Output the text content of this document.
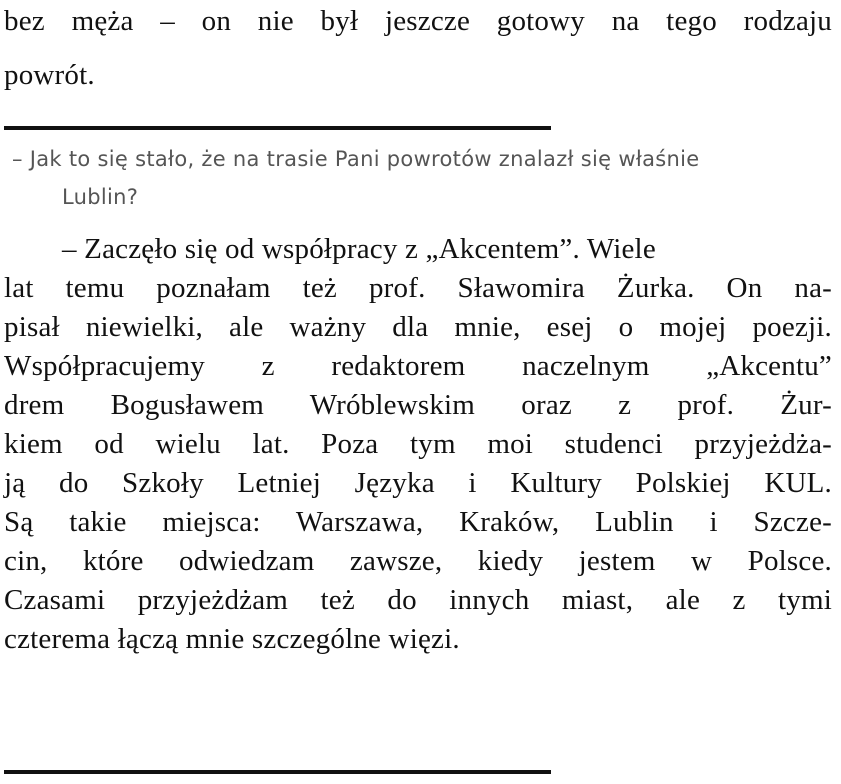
bez męża – on nie był jeszcze gotowy na tego rodzaju

powrót.

– Jak to się stało, że na trasie Pani powrotów znalazł się właśnie

Lublin?

– Zaczęło się od współpracy z „Akcentem”. Wiele

lat temu poznałam też prof. Sławomira Żurka. On na-

pisał niewielki, ale ważny dla mnie, esej o mojej poezji.

Współpracujemy z redaktorem naczelnym „Akcentu”

drem Bogusławem Wróblewskim oraz z prof. Żur-

kiem od wielu lat. Poza tym moi studenci przyjeżdża-

ją do Szkoły Letniej Języka i Kultury Polskiej KUL.

Są takie miejsca: Warszawa, Kraków, Lublin i Szcze-

cin, które odwiedzam zawsze, kiedy jestem w Polsce.

Czasami przyjeżdżam też do innych miast, ale z tymi

czterema łączą mnie szczególne więzi.
